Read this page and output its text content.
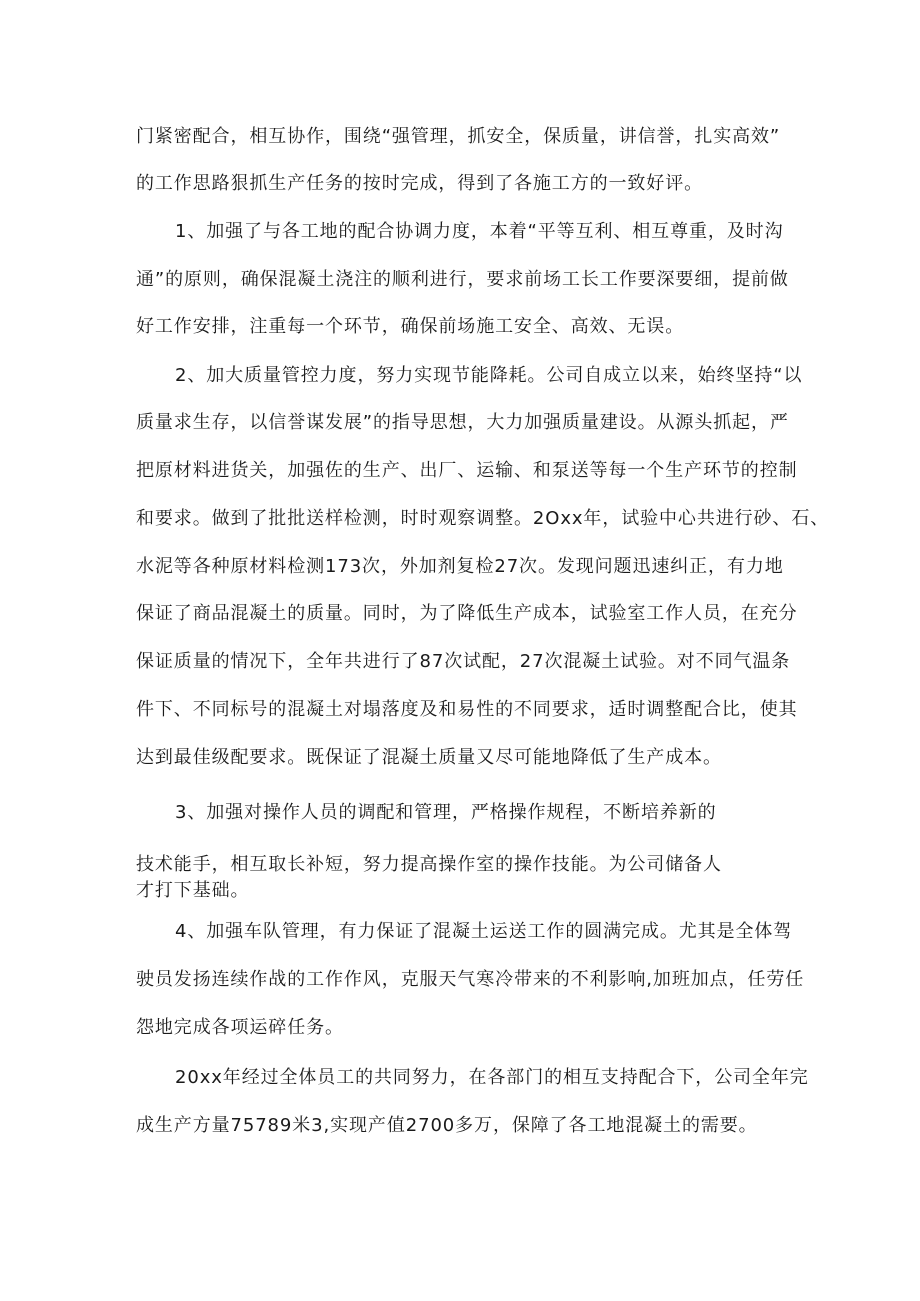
门紧密配合，相互协作，围绕“强管理，抓安全，保质量，讲信誉，扎实高效”

的工作思路狠抓生产任务的按时完成，得到了各施工方的一致好评。

1、加强了与各工地的配合协调力度，本着“平等互利、相互尊重，及时沟

通”的原则，确保混凝土浇注的顺利进行，要求前场工长工作要深要细，提前做

好工作安排，注重每一个环节，确保前场施工安全、高效、无误。

2、加大质量管控力度，努力实现节能降耗。公司自成立以来，始终坚持“以

质量求生存，以信誉谋发展”的指导思想，大力加强质量建设。从源头抓起，严

把原材料进货关，加强佐的生产、出厂、运输、和泵送等每一个生产环节的控制

和要求。做到了批批送样检测，时时观察调整。2Oxx年，试验中心共进行砂、石、

水泥等各种原材料检测173次，外加剂复检27次。发现问题迅速纠正，有力地

保证了商品混凝土的质量。同时，为了降低生产成本，试验室工作人员，在充分

保证质量的情况下，全年共进行了87次试配，27次混凝土试验。对不同气温条

件下、不同标号的混凝土对塌落度及和易性的不同要求，适时调整配合比，使其

达到最佳级配要求。既保证了混凝土质量又尽可能地降低了生产成本。

3、加强对操作人员的调配和管理，严格操作规程，不断培养新的

技术能手，相互取长补短，努力提高操作室的操作技能。为公司储备人

才打下基础。

4、加强车队管理，有力保证了混凝土运送工作的圆满完成。尤其是全体驾

驶员发扬连续作战的工作作风，克服天气寒冷带来的不利影响,加班加点，任劳任

怨地完成各项运碎任务。

20xx年经过全体员工的共同努力，在各部门的相互支持配合下，公司全年完

成生产方量75789米3,实现产值2700多万，保障了各工地混凝土的需要。
